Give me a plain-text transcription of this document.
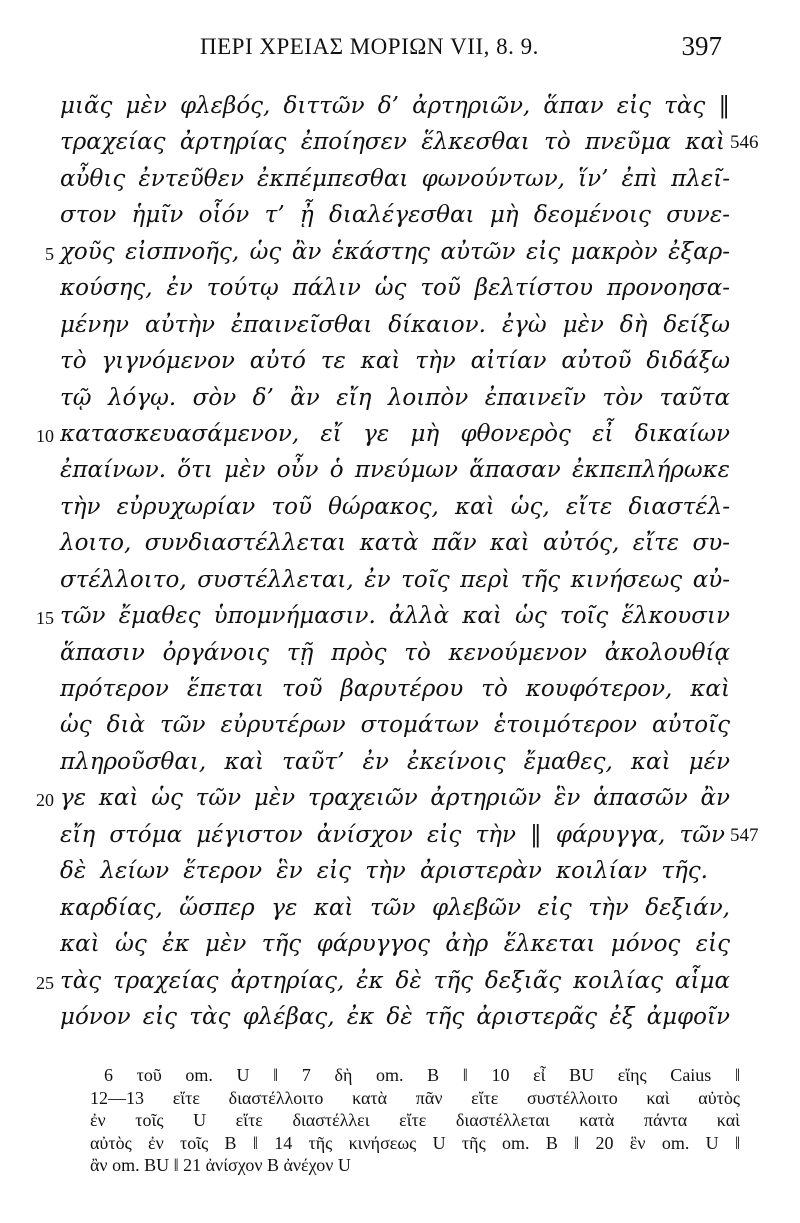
ΠΕΡΙ ΧΡΕΙΑΣ ΜΟΡΙΩΝ VII, 8. 9.	397
μιᾶς μὲν φλεβός, διττῶν δ’ ἀρτηριῶν, ἅπαν εἰς τὰς ‖
τραχείας ἀρτηρίας ἐποίησεν ἕλκεσθαι τὸ πνεῦμα καὶ 546
αὖθις ἐντεῦθεν ἐκπέμπεσθαι φωνούντων, ἵν’ ἐπὶ πλεῖ-
στον ἡμῖν οἷόν τ’ ᾖ διαλέγεσθαι μὴ δεομένοις συνε-
5 χοῦς εἰσπνοῆς, ὡς ἂν ἑκάστης αὐτῶν εἰς μακρὸν ἐξαρ-
κούσης, ἐν τούτῳ πάλιν ὡς τοῦ βελτίστου προνοησα-
μένην αὐτὴν ἐπαινεῖσθαι δίκαιον. ἐγὼ μὲν δὴ δείξω
τὸ γιγνόμενον αὐτό τε καὶ τὴν αἰτίαν αὐτοῦ διδάξω
τῷ λόγῳ. σὸν δ’ ἂν εἴη λοιπὸν ἐπαινεῖν τὸν ταῦτα
10 κατασκευασάμενον, εἴ γε μὴ φθονερὸς εἶ δικαίων
ἐπαίνων. ὅτι μὲν οὖν ὁ πνεύμων ἅπασαν ἐκπεπλήρωκε
τὴν εὐρυχωρίαν τοῦ θώρακος, καὶ ὡς, εἴτε διαστέλ-
λοιτο, συνδιαστέλλεται κατὰ πᾶν καὶ αὐτός, εἴτε συ-
στέλλοιτο, συστέλλεται, ἐν τοῖς περὶ τῆς κινήσεως αὐ-
15 τῶν ἔμαθες ὑπομνήμασιν. ἀλλὰ καὶ ὡς τοῖς ἕλκουσιν
ἅπασιν ὀργάνοις τῇ πρὸς τὸ κενούμενον ἀκολουθίᾳ
πρότερον ἕπεται τοῦ βαρυτέρου τὸ κουφότερον, καὶ
ὡς διὰ τῶν εὐρυτέρων στομάτων ἑτοιμότερον αὐτοῖς
πληροῦσθαι, καὶ ταῦτ’ ἐν ἐκείνοις ἔμαθες, καὶ μέν
20 γε καὶ ὡς τῶν μὲν τραχειῶν ἀρτηριῶν ἓν ἁπασῶν ἂν
εἴη στόμα μέγιστον ἀνίσχον εἰς τὴν ‖ φάρυγγα, τῶν 547
δὲ λείων ἕτερον ἓν εἰς τὴν ἀριστερὰν κοιλίαν τῆς.
καρδίας, ὥσπερ γε καὶ τῶν φλεβῶν εἰς τὴν δεξιάν,
καὶ ὡς ἐκ μὲν τῆς φάρυγγος ἀὴρ ἕλκεται μόνος εἰς
25 τὰς τραχείας ἀρτηρίας, ἐκ δὲ τῆς δεξιᾶς κοιλίας αἷμα
μόνον εἰς τὰς φλέβας, ἐκ δὲ τῆς ἀριστερᾶς ἐξ ἀμφοῖν
6 τοῦ om. U ‖ 7 δὴ om. B ‖ 10 εἶ BU εἴης Caius ‖
12—13 εἴτε διαστέλλοιτο κατὰ πᾶν εἴτε συστέλλοιτο καὶ αὐτὸς
ἐν τοῖς U εἴτε διαστέλλει εἴτε διαστέλλεται κατὰ πάντα καὶ
αὐτὸς ἐν τοῖς B ‖ 14 τῆς κινήσεως U τῆς om. B ‖ 20 ἓν om. U ‖
ἂν om. BU ‖ 21 ἀνίσχον B ἀνέχον U
